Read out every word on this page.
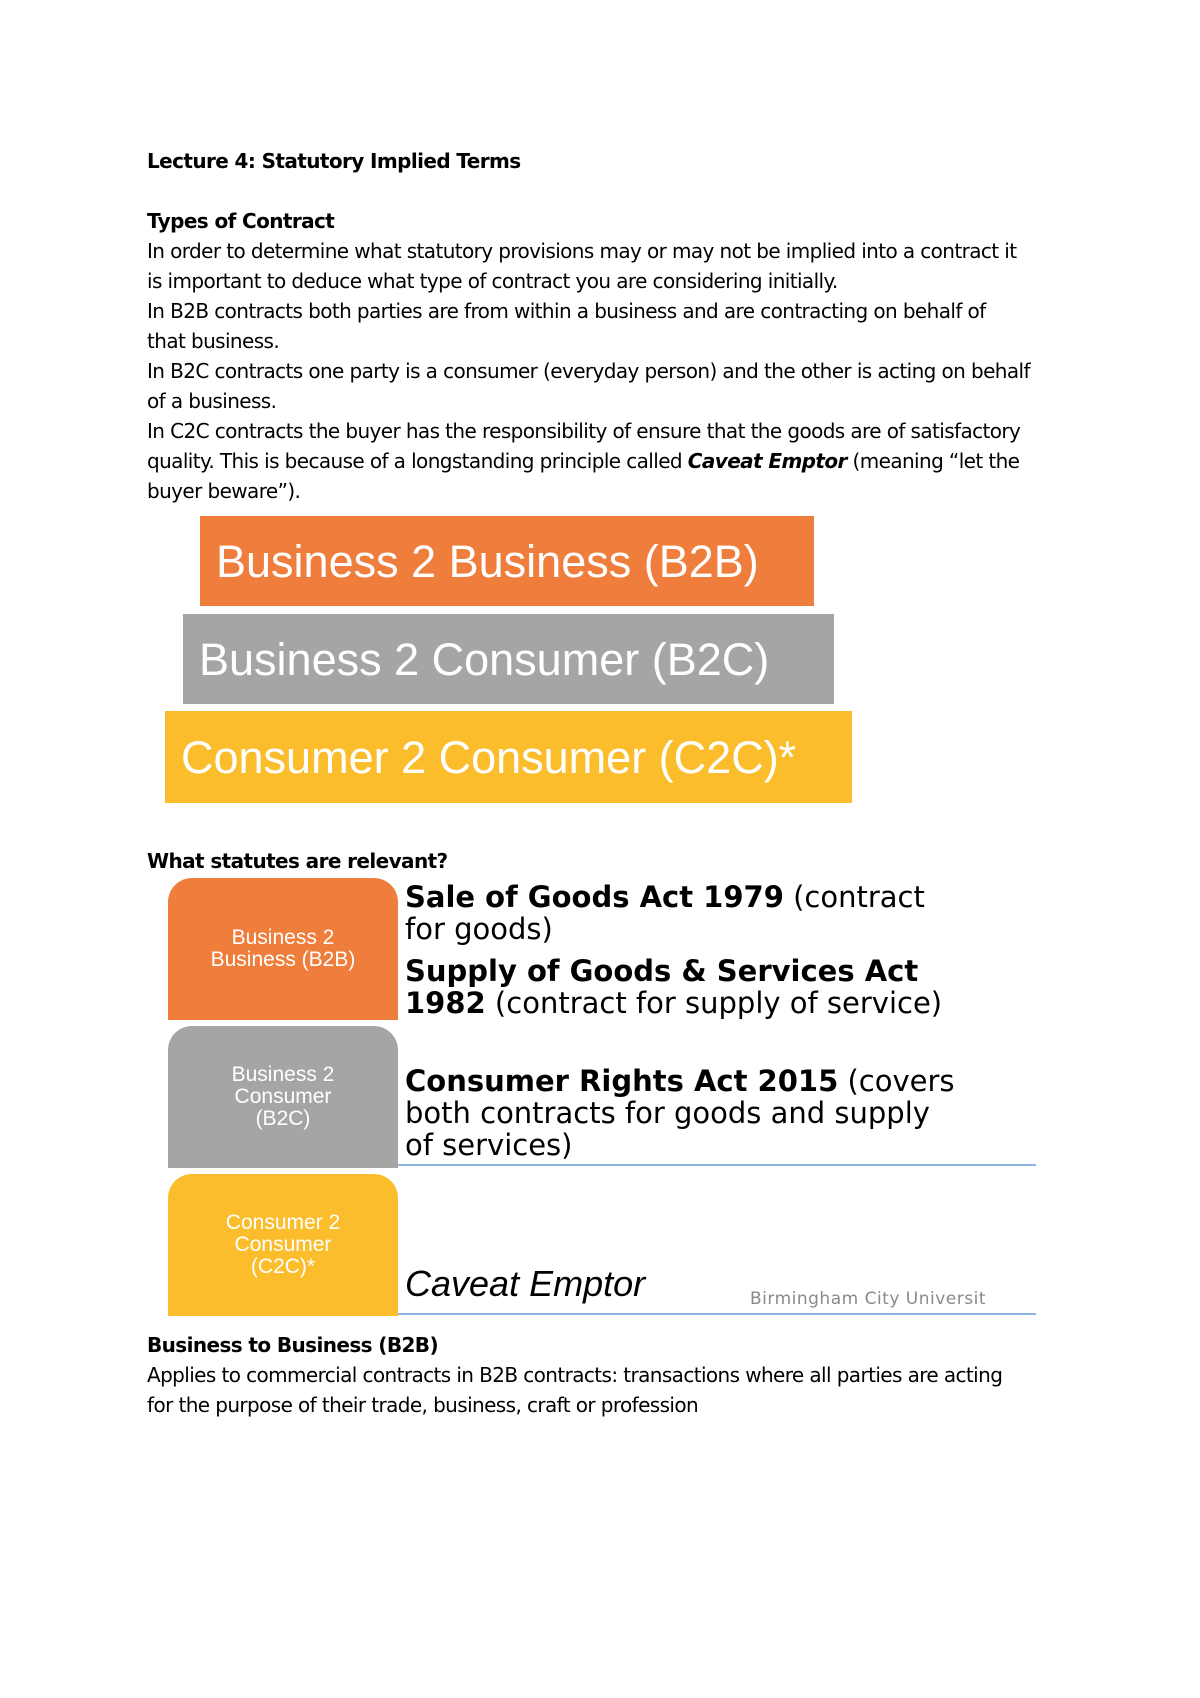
Lecture 4: Statutory Implied Terms
Types of Contract
In order to determine what statutory provisions may or may not be implied into a contract it
is important to deduce what type of contract you are considering initially.
In B2B contracts both parties are from within a business and are contracting on behalf of
that business.
In B2C contracts one party is a consumer (everyday person) and the other is acting on behalf
of a business.
In C2C contracts the buyer has the responsibility of ensure that the goods are of satisfactory
quality. This is because of a longstanding principle called Caveat Emptor (meaning “let the
buyer beware”).
Business 2 Business (B2B)
Business 2 Consumer (B2C)
Consumer 2 Consumer (C2C)*
What statutes are relevant?
Business 2
Business (B2B)
Business 2
Consumer
(B2C)
Consumer 2
Consumer
(C2C)*
Sale of Goods Act 1979 (contract
for goods)
Supply of Goods & Services Act
1982 (contract for supply of service)
Consumer Rights Act 2015 (covers
both contracts for goods and supply
of services)
Caveat Emptor	Birmingham City Universit
Business to Business (B2B)
Applies to commercial contracts in B2B contracts: transactions where all parties are acting
for the purpose of their trade, business, craft or profession
